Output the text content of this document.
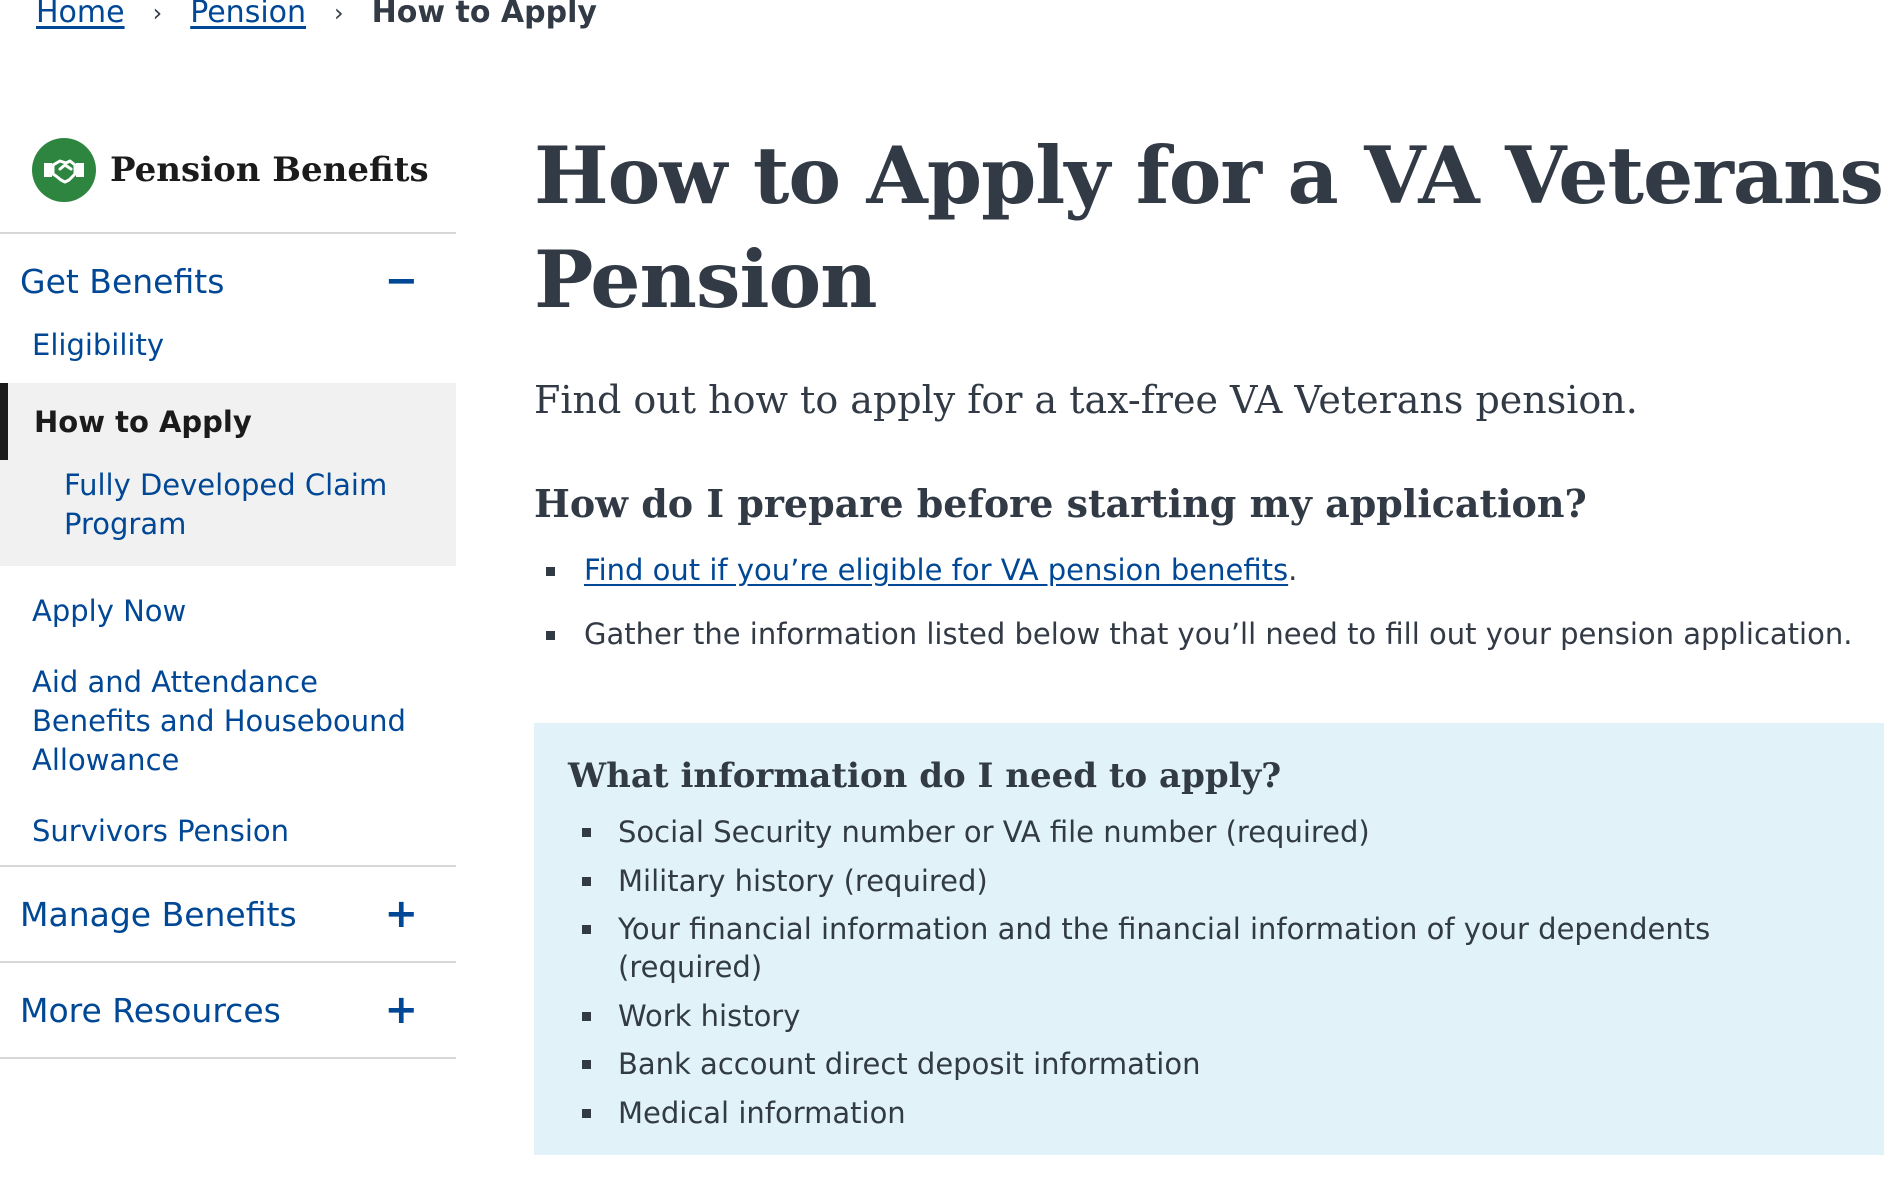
Home › Pension › How to Apply
Pension Benefits
Get Benefits	−
Eligibility
How to Apply
Fully Developed Claim Program
Apply Now
Aid and Attendance Benefits and Housebound Allowance
Survivors Pension
Manage Benefits +
More Resources	+
How to Apply for a VA Veterans Pension

Find out how to apply for a tax-free VA Veterans pension.

How do I prepare before starting my application?
Find out if you’re eligible for VA pension benefits.
Gather the information listed below that you’ll need to fill out your pension application.
What information do I need to apply?
Social Security number or VA file number (required)
Military history (required)
Your financial information and the financial information of your dependents (required)
Work history
Bank account direct deposit information
Medical information
